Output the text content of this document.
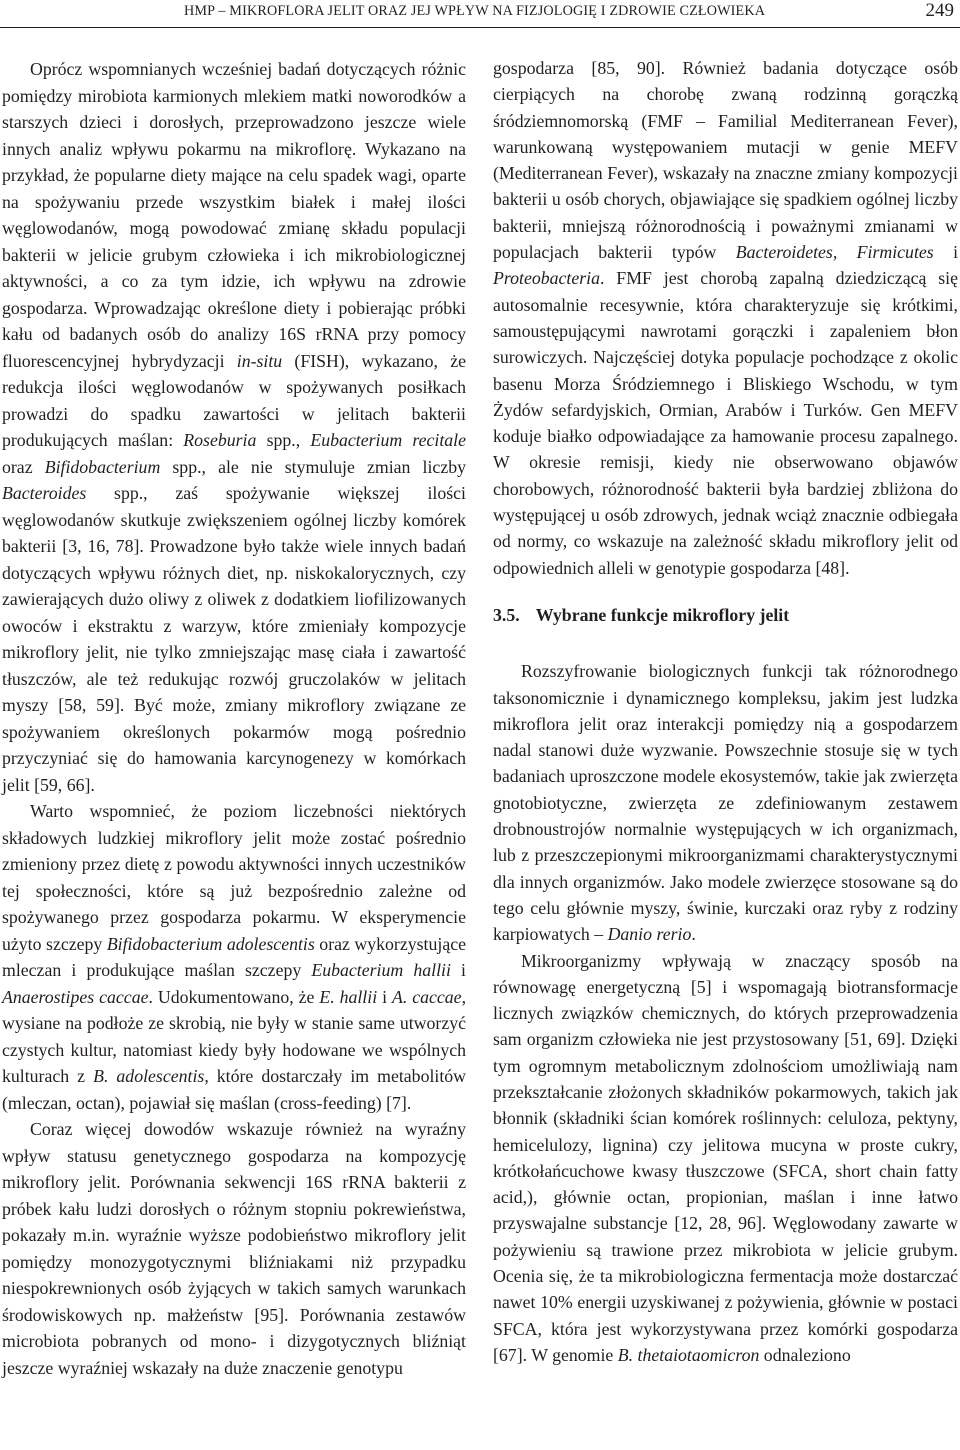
HMP – MIKROFLORA JELIT ORAZ JEJ WPŁYW NA FIZJOLOGIĘ I ZDROWIE CZŁOWIEKA	249

Oprócz wspomnianych wcześniej badań dotyczących różnic pomiędzy mirobiota karmionych mlekiem matki noworodków a starszych dzieci i dorosłych, przeprowadzono jeszcze wiele innych analiz wpływu pokarmu na mikroflorę. Wykazano na przykład, że popularne diety mające na celu spadek wagi, oparte na spożywaniu przede wszystkim białek i małej ilości węglowodanów, mogą powodować zmianę składu populacji bakterii w jelicie grubym człowieka i ich mikrobiologicznej aktywności, a co za tym idzie, ich wpływu na zdrowie gospodarza. Wprowadzając określone diety i pobierając próbki kału od badanych osób do analizy 16S rRNA przy pomocy fluorescencyjnej hybrydyzacji in-situ (FISH), wykazano, że redukcja ilości węglowodanów w spożywanych posiłkach prowadzi do spadku zawartości w jelitach bakterii produkujących maślan: Roseburia spp., Eubacterium recitale oraz Bifidobacterium spp., ale nie stymuluje zmian liczby Bacteroides spp., zaś spożywanie większej ilości węglowodanów skutkuje zwiększeniem ogólnej liczby komórek bakterii [3, 16, 78]. Prowadzone było także wiele innych badań dotyczących wpływu różnych diet, np. niskokalorycznych, czy zawierających dużo oliwy z oliwek z dodatkiem liofilizowanych owoców i ekstraktu z warzyw, które zmieniały kompozycje mikroflory jelit, nie tylko zmniejszając masę ciała i zawartość tłuszczów, ale też redukując rozwój gruczolaków w jelitach myszy [58, 59]. Być może, zmiany mikroflory związane ze spożywaniem określonych pokarmów mogą pośrednio przyczyniać się do hamowania karcynogenezy w komórkach jelit [59, 66].

Warto wspomnieć, że poziom liczebności niektórych składowych ludzkiej mikroflory jelit może zostać pośrednio zmieniony przez dietę z powodu aktywności innych uczestników tej społeczności, które są już bezpośrednio zależne od spożywanego przez gospodarza pokarmu. W eksperymencie użyto szczepy Bifidobacterium adolescentis oraz wykorzystujące mleczan i produkujące maślan szczepy Eubacterium hallii i Anaerostipes caccae. Udokumentowano, że E. hallii i A. caccae, wysiane na podłoże ze skrobią, nie były w stanie same utworzyć czystych kultur, natomiast kiedy były hodowane we wspólnych kulturach z B. adolescentis, które dostarczały im metabolitów (mleczan, octan), pojawiał się maślan (cross-feeding) [7].

Coraz więcej dowodów wskazuje również na wyraźny wpływ statusu genetycznego gospodarza na kompozycję mikroflory jelit. Porównania sekwencji 16S rRNA bakterii z próbek kału ludzi dorosłych o różnym stopniu pokrewieństwa, pokazały m.in. wyraźnie wyższe podobieństwo mikroflory jelit pomiędzy monozygotycznymi bliźniakami niż przypadku niespokrewnionych osób żyjących w takich samych warunkach środowiskowych np. małżeństw [95]. Porównania zestawów microbiota pobranych od mono- i dizygotycznych bliźniąt jeszcze wyraźniej wskazały na duże znaczenie genotypu

gospodarza [85, 90]. Również badania dotyczące osób cierpiących na chorobę zwaną rodzinną gorączką śródziemnomorską (FMF – Familial Mediterranean Fever), warunkowaną występowaniem mutacji w genie MEFV (Mediterranean Fever), wskazały na znaczne zmiany kompozycji bakterii u osób chorych, objawiające się spadkiem ogólnej liczby bakterii, mniejszą różnorodnością i poważnymi zmianami w populacjach bakterii typów Bacteroidetes, Firmicutes i Proteobacteria. FMF jest chorobą zapalną dziedziczącą się autosomalnie recesywnie, która charakteryzuje się krótkimi, samoustępującymi nawrotami gorączki i zapaleniem błon surowiczych. Najczęściej dotyka populacje pochodzące z okolic basenu Morza Śródziemnego i Bliskiego Wschodu, w tym Żydów sefardyjskich, Ormian, Arabów i Turków. Gen MEFV koduje białko odpowiadające za hamowanie procesu zapalnego. W okresie remisji, kiedy nie obserwowano objawów chorobowych, różnorodność bakterii była bardziej zbliżona do występującej u osób zdrowych, jednak wciąż znacznie odbiegała od normy, co wskazuje na zależność składu mikroflory jelit od odpowiednich alleli w genotypie gospodarza [48].

3.5. Wybrane funkcje mikroflory jelit

Rozszyfrowanie biologicznych funkcji tak różnorodnego taksonomicznie i dynamicznego kompleksu, jakim jest ludzka mikroflora jelit oraz interakcji pomiędzy nią a gospodarzem nadal stanowi duże wyzwanie. Powszechnie stosuje się w tych badaniach uproszczone modele ekosystemów, takie jak zwierzęta gnotobiotyczne, zwierzęta ze zdefiniowanym zestawem drobnoustrojów normalnie występujących w ich organizmach, lub z przeszczepionymi mikroorganizmami charakterystycznymi dla innych organizmów. Jako modele zwierzęce stosowane są do tego celu głównie myszy, świnie, kurczaki oraz ryby z rodziny karpiowatych – Danio rerio.

Mikroorganizmy wpływają w znaczący sposób na równowagę energetyczną [5] i wspomagają biotransformacje licznych związków chemicznych, do których przeprowadzenia sam organizm człowieka nie jest przystosowany [51, 69]. Dzięki tym ogromnym metabolicznym zdolnościom umożliwiają nam przekształcanie złożonych składników pokarmowych, takich jak błonnik (składniki ścian komórek roślinnych: celuloza, pektyny, hemicelulozy, lignina) czy jelitowa mucyna w proste cukry, krótkołańcuchowe kwasy tłuszczowe (SFCA, short chain fatty acid,), głównie octan, propionian, maślan i inne łatwo przyswajalne substancje [12, 28, 96]. Węglowodany zawarte w pożywieniu są trawione przez mikrobiota w jelicie grubym. Ocenia się, że ta mikrobiologiczna fermentacja może dostarczać nawet 10% energii uzyskiwanej z pożywienia, głównie w postaci SFCA, która jest wykorzystywana przez komórki gospodarza [67]. W genomie B. thetaiotaomicron odnaleziono
